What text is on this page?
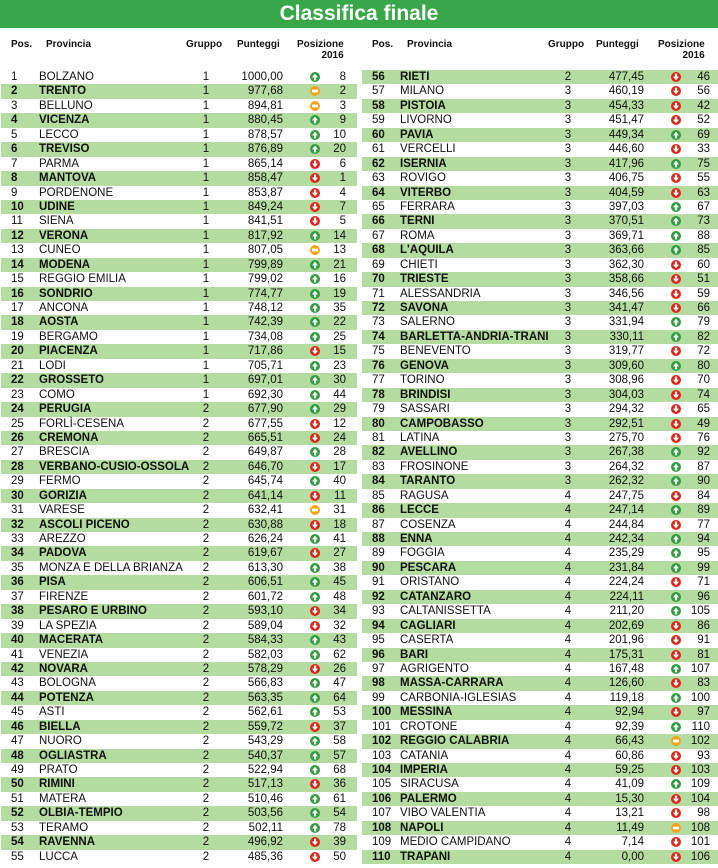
Classifica finale
Pos. Provincia	Gruppo Punteggi Posizione

2016
1 BOLZANO	1	1000,00	8
2 TRENTO	1	977,68	2
3 BELLUNO	1	894,81	3
4 VICENZA	1	880,45	9
5 LECCO	1	878,57	10
6 TREVISO	1	876,89	20
7 PARMA	1	865,14	6
8 MANTOVA	1	858,47	1
9 PORDENONE	1	853,87	4
10 UDINE	1	849,24	7
11 SIENA	1	841,51	5
12 VERONA	1	817,92	14
13 CUNEO	1	807,05	13
14 MODENA	1	799,89	21
15 REGGIO EMILIA	1	799,02	16
16 SONDRIO	1	774,77	19
17 ANCONA	1	748,12	35
18 AOSTA	1	742,39	22
19 BERGAMO	1	734,08	25
20 PIACENZA	1	717,86	15
21 LODI	1	705,71	23
22 GROSSETO	1	697,01	30
23 COMO	1	692,30	44
24 PERUGIA	2	677,90	29
25 FORLÌ-CESENA	2	677,55	12
26 CREMONA	2	665,51	24
27 BRESCIA	2	649,87	28
28 VERBANO-CUSIO-OSSOLA	2	646,70	17
29 FERMO	2	645,74	40
30 GORIZIA	2	641,14	11
31 VARESE	2	632,41	31
32 ASCOLI PICENO	2	630,88	18
33 AREZZO	2	626,24	41
34 PADOVA	2	619,67	27
35 MONZA E DELLA BRIANZA	2	613,30	38
36 PISA	2	606,51	45
37 FIRENZE	2	601,72	48
38 PESARO E URBINO	2	593,10	34
39 LA SPEZIA	2	589,04	32
40 MACERATA	2	584,33	43
41 VENEZIA	2	582,03	62
42 NOVARA	2	578,29	26
43 BOLOGNA	2	566,83	47
44 POTENZA	2	563,35	64
45 ASTI	2	562,61	53
46 BIELLA	2	559,72	37
47 NUORO	2	543,29	58
48 OGLIASTRA	2	540,37	57
49 PRATO	2	522,94	68
50 RIMINI	2	517,13	36
51 MATERA	2	510,46	61
52 OLBIA-TEMPIO	2	503,56	54
53 TERAMO	2	502,11	78
54 RAVENNA	2	496,92	39
55 LUCCA	2	485,36	50
Pos. Provincia	Gruppo Punteggi Posizione

2016
56 RIETI	2	477,45	46
57 MILANO	3	460,19	56
58 PISTOIA	3	454,33	42
59 LIVORNO	3	451,47	52
60 PAVIA	3	449,34	69
61 VERCELLI	3	446,60	33
62 ISERNIA	3	417,96	75
63 ROVIGO	3	406,75	55
64 VITERBO	3	404,59	63
65 FERRARA	3	397,03	67
66 TERNI	3	370,51	73
67 ROMA	3	369,71	88
68 L'AQUILA	3	363,66	85
69 CHIETI	3	362,30	60
70 TRIESTE	3	358,66	51
71 ALESSANDRIA	3	346,56	59
72 SAVONA	3	341,47	66
73 SALERNO	3	331,94	79
74 BARLETTA-ANDRIA-TRANI	3	330,11	82
75 BENEVENTO	3	319,77	72
76 GENOVA	3	309,60	80
77 TORINO	3	308,96	70
78 BRINDISI	3	304,03	74
79 SASSARI	3	294,32	65
80 CAMPOBASSO	3	292,51	49
81 LATINA	3	275,70	76
82 AVELLINO	3	267,38	92
83 FROSINONE	3	264,32	87
84 TARANTO	3	262,32	90
85 RAGUSA	4	247,75	84
86 LECCE	4	247,14	89
87 COSENZA	4	244,84	77
88 ENNA	4	242,34	94
89 FOGGIA	4	235,29	95
90 PESCARA	4	231,84	99
91 ORISTANO	4	224,24	71
92 CATANZARO	4	224,11	96
93 CALTANISSETTA	4	211,20	105
94 CAGLIARI	4	202,69	86
95 CASERTA	4	201,96	91
96 BARI	4	175,31	81
97 AGRIGENTO	4	167,48	107
98 MASSA-CARRARA	4	126,60	83
99 CARBONIA-IGLESIAS	4	119,18	100
100 MESSINA	4	92,94	97
101 CROTONE	4	92,39	110
102 REGGIO CALABRIA	4	66,43	102
103 CATANIA	4	60,86	93
104 IMPERIA	4	59,25	103
105 SIRACUSA	4	41,09	109
106 PALERMO	4	15,30	104
107 VIBO VALENTIA	4	13,21	98
108 NAPOLI	4	11,49	108
109 MEDIO CAMPIDANO	4	7,14	101
110 TRAPANI	4	0,00	106
